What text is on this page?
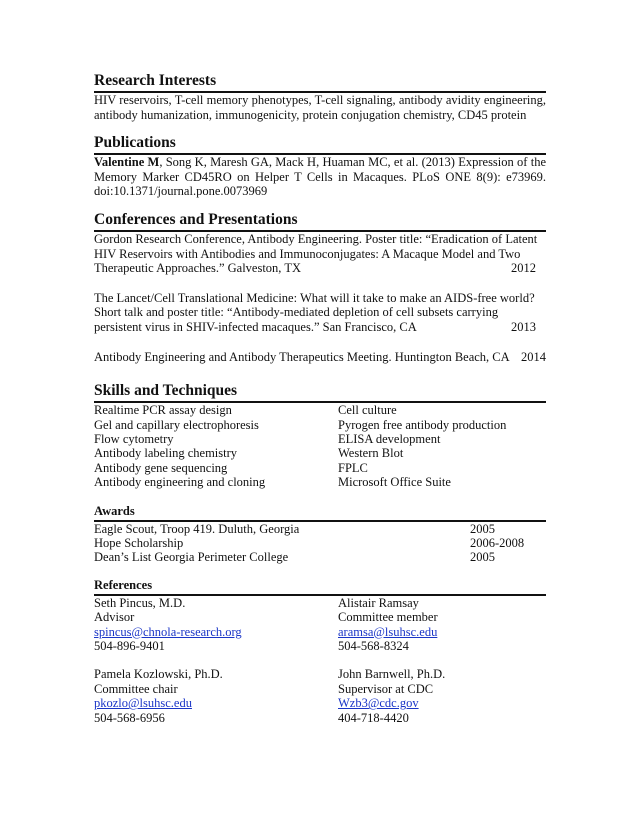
Research Interests
HIV reservoirs, T-cell memory phenotypes, T-cell signaling, antibody avidity engineering, antibody humanization, immunogenicity, protein conjugation chemistry, CD45 protein
Publications
Valentine M, Song K, Maresh GA, Mack H, Huaman MC, et al. (2013) Expression of the Memory Marker CD45RO on Helper T Cells in Macaques. PLoS ONE 8(9): e73969. doi:10.1371/journal.pone.0073969
Conferences and Presentations
Gordon Research Conference, Antibody Engineering. Poster title: “Eradication of Latent
HIV Reservoirs with Antibodies and Immunoconjugates: A Macaque Model and Two
Therapeutic Approaches.” Galveston, TX	2012
The Lancet/Cell Translational Medicine: What will it take to make an AIDS-free world?
Short talk and poster title: “Antibody-mediated depletion of cell subsets carrying
persistent virus in SHIV-infected macaques.” San Francisco, CA	2013
Antibody Engineering and Antibody Therapeutics Meeting. Huntington Beach, CA 2014
Skills and Techniques
Realtime PCR assay design	Cell culture
Gel and capillary electrophoresis	Pyrogen free antibody production
Flow cytometry	ELISA development
Antibody labeling chemistry	Western Blot
Antibody gene sequencing	FPLC
Antibody engineering and cloning	Microsoft Office Suite
Awards
Eagle Scout, Troop 419. Duluth, Georgia	2005
Hope Scholarship	2006-2008
Dean’s List Georgia Perimeter College	2005
References
Seth Pincus, M.D.	Alistair Ramsay
Advisor	Committee member
spincus@chnola-research.org	aramsa@lsuhsc.edu
504-896-9401	504-568-8324
Pamela Kozlowski, Ph.D.	John Barnwell, Ph.D.
Committee chair	Supervisor at CDC
pkozlo@lsuhsc.edu	Wzb3@cdc.gov
504-568-6956	404-718-4420
